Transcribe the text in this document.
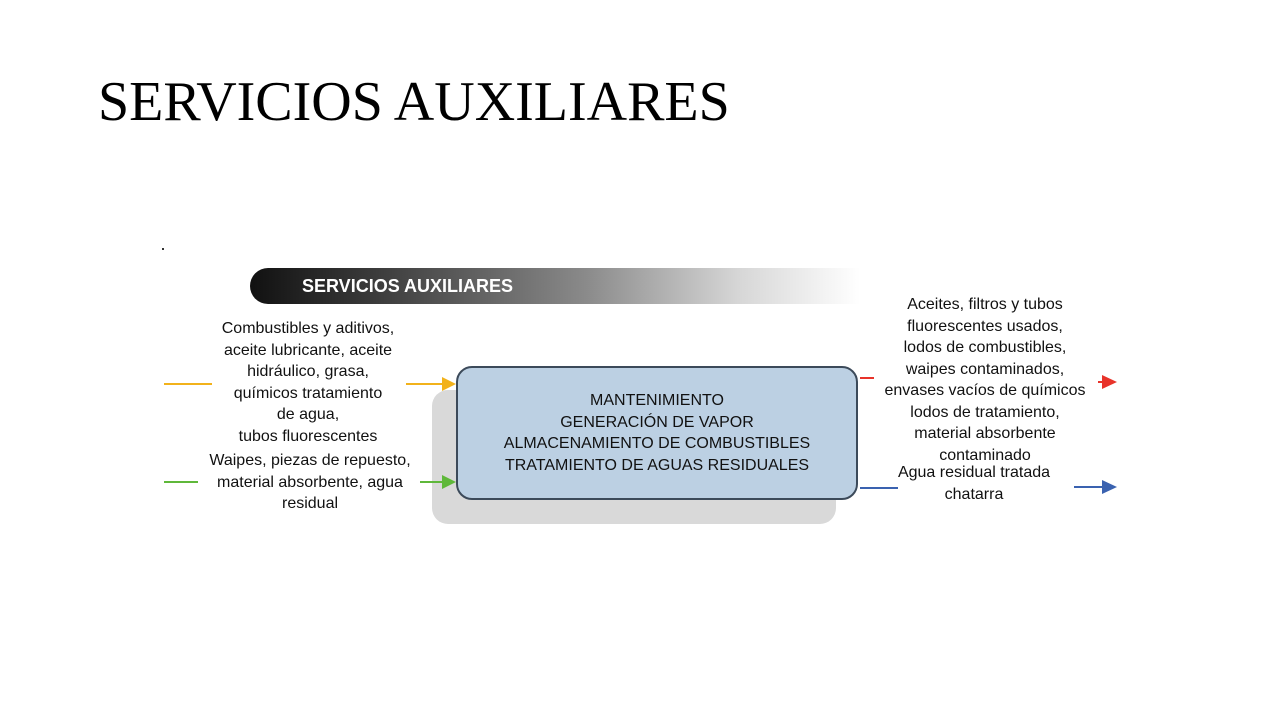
SERVICIOS AUXILIARES
SERVICIOS AUXILIARES
MANTENIMIENTO
GENERACIÓN DE VAPOR
ALMACENAMIENTO DE COMBUSTIBLES
TRATAMIENTO DE AGUAS RESIDUALES
Combustibles y aditivos,
aceite lubricante, aceite
hidráulico, grasa,
químicos tratamiento
de agua,
tubos fluorescentes
Waipes, piezas de repuesto,
material absorbente, agua
residual
Aceites, filtros y tubos
fluorescentes usados,
lodos de combustibles,
waipes contaminados,
envases vacíos de químicos
lodos de tratamiento,
material absorbente
contaminado
Agua residual tratada
chatarra
